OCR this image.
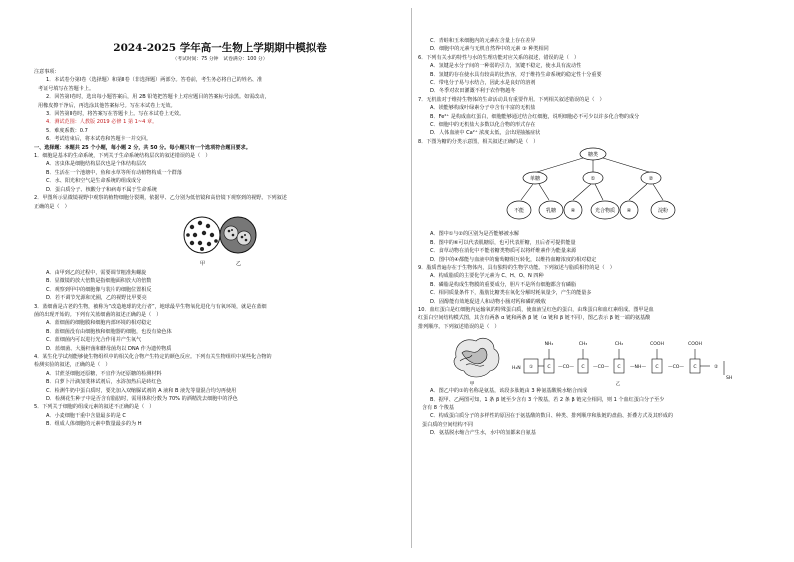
2024-2025 学年高一生物上学期期中模拟卷
（考试时间：75 分钟　试卷满分：100 分）

注意事项：

1．本试卷分第Ⅰ卷（选择题）和第Ⅱ卷（非选择题）两部分。答卷前，考生务必将自己的姓名、准

考证号填写在答题卡上。

2．回答第Ⅰ卷时，选出每小题答案后，用 2B 铅笔把答题卡上对应题目的答案标号涂黑。如需改动，

用橡皮擦干净后，再选涂其他答案标号。写在本试卷上无效。

3．回答第Ⅱ卷时，将答案写在答题卡上。写在本试卷上无效。

4．测试范围：人教版 2019 必修 1 第 1~4 章。

5．难度系数：0.7

6．考试结束后，将本试卷和答题卡一并交回。

一、选择题：本题共 25 个小题，每小题 2 分，共 50 分。每小题只有一个选项符合题目要求。

1．细胞是基本的生命系统，下列关于生命系统结构层次的叙述错误的是（　）

A．害虫体是细胞结构层次也是个体结构层次

B．生活在一个池塘中，鱼和水草等所有动植物构成一个群落

C．水、阳光和空气是生命系统的组成成分

D．蛋白质分子、核酸分子和病毒不属于生命系统

2．甲图所示显微镜视野中观察的植物细胞分裂期，依据甲、乙分别为低倍镜和高倍镜下观察到的视野。下列叙述

正确的是（　）

甲	乙

A．由甲到乙的过程中，需要调节粗准焦螺旋

B．显微镜的放大倍数是指细胞面积放大的倍数

C．观察到甲中的细胞像与装片的细胞位置相反

D．若不调节光源和光圈，乙的视野比甲要亮

3．蓝细菌是古老的生物，被称为“改造地球的先行者”，地球最早生物氧化进化与有氧环境，就是在蓝细

菌的出现开始的。下列有关蓝细菌的叙述正确的是（　）

A．蓝细菌的细胞膜和细胞内部环境的相对稳定

B．蓝细菌没有由细胞核和细胞器的细胞，也没有染色体

C．蓝细菌内可以进行光合作用并产生氧气

D．蓝细菌、大肠杆菌和酵母菌均以 DNA 作为遗传物质

4．某生化学试剂能够使生物组织中的相关化合物产生特定的颜色反应。下列有关生物组织中某些化合物的

检测实验的叙述，正确的是（　）

A．甘蔗茎细胞还原糖，不宜作为还原糖的检测材料

B．白萝卜汁滴加斐林试剂后，水浴加热后是砖红色

C．检测牛奶中蛋白质时，要先加入双缩脲试剂的 A 液和 B 液先等量混合均匀再使用

D．检测花生种子中是否含有脂肪时，需用体积分数为 70% 的酒精洗去细胞中的浮色

5．下列关于细胞的组成元素的叙述不正确的是（　）

A．小麦细胞干重中含量最多的是 C

B．组成人体细胞的元素中数量最多的为 H

C．青蛙和玉米细胞内的元素在含量上存在差异

D．细胞中的元素与无机自然界中的元素 ③ 种类相同

6．下列有关水的特性与水的生理功能对应关系的叙述，错误的是（　）

A．氢键是水分子间的一种弱的引力，氢键不稳定，使水具有流动性

B．氢键的存在使水具有较高的比热容，对于维持生命系统的稳定性十分重要

C．带电分子易与水结合，因此水是良好的溶剂

D．冬季对农田灌溉不利于农作物越冬

7．无机盐对于维持生物体的生命活动具有重要作用。下列相关叙述错误的是（　）

A．镁能够构成叶绿素分子中含有丰富的无机盐

B．Fe²⁺ 是构成血红蛋白，细胞能够通过结合红细胞，说明细胞必不可少以许多化合物的成分

C．细胞中的无机盐大多数以化合物的形式存在

D．人体血液中 Ca²⁺ 浓度太低，会出现抽搐症状

8．下图为糖的分类示意图，相关叙述正确的是（　）

糖类
单糖	①	②
不能	乳糖	④	光合物质 ④	淀粉

A．图中①与②的区别为是否能够被水解

B．图中的⑥可以代表肌糖原，也可代表肝糖，且后者可提供能量

C．食草动物在消化中不能者糖类物质可以将纤维素作为能量来源

D．图中的④都能与血液中的葡萄糖相互转化，以维持血糖浓度的相对稳定

9．脂质普遍存在于生物体内，具有独特的生物学功能。下列叙述与脂质相符的是（　）

A．构成脂质的主要化学元素为 C、H、O、N 四种

B．磷脂是构成生物膜的重要成分，胆片不是所有细胞都含有磷脂

C．相同质量条件下，脂肪比糖类在氧化分解时耗氧量少，产生的能量多

D．固醇能有效地促进人和动物小肠对钙和磷的吸收

10．血红蛋白是红细胞内运输氧的特殊蛋白质，使血液呈红色的蛋白，由珠蛋白和血红素组成。图甲是血

红蛋白空间结构模式图，其含有两条 α 链和两条 β 链（α 链和 β 链不同），图乙表示 β 链一端的氨基酸

排列顺序。下列叙述错误的是（　）

甲
H₂N ①	C
NH₂
—CO— C
CH₃
—CO— C
CH₂
—NH— C
COOH
—CO— C
COOH
②
SH
乙

A．图乙中的①的名称是氨基，该段多肽链由 3 种氨基酸脱水缩合而成

B．据甲、乙两图可知，1 条 β 链至少含有 3 个羧基，若 2 条 β 链完全相同，则 1 个血红蛋白分子至少

含有 8 个羧基

C．构成蛋白质分子的多样性的原因在于氨基酸的数目、种类、排列顺序和肽链的盘曲、折叠方式及其形成的

蛋白质的空间结构不同

D．氨基脱水缩合产生水，水中的氢都来自氨基
